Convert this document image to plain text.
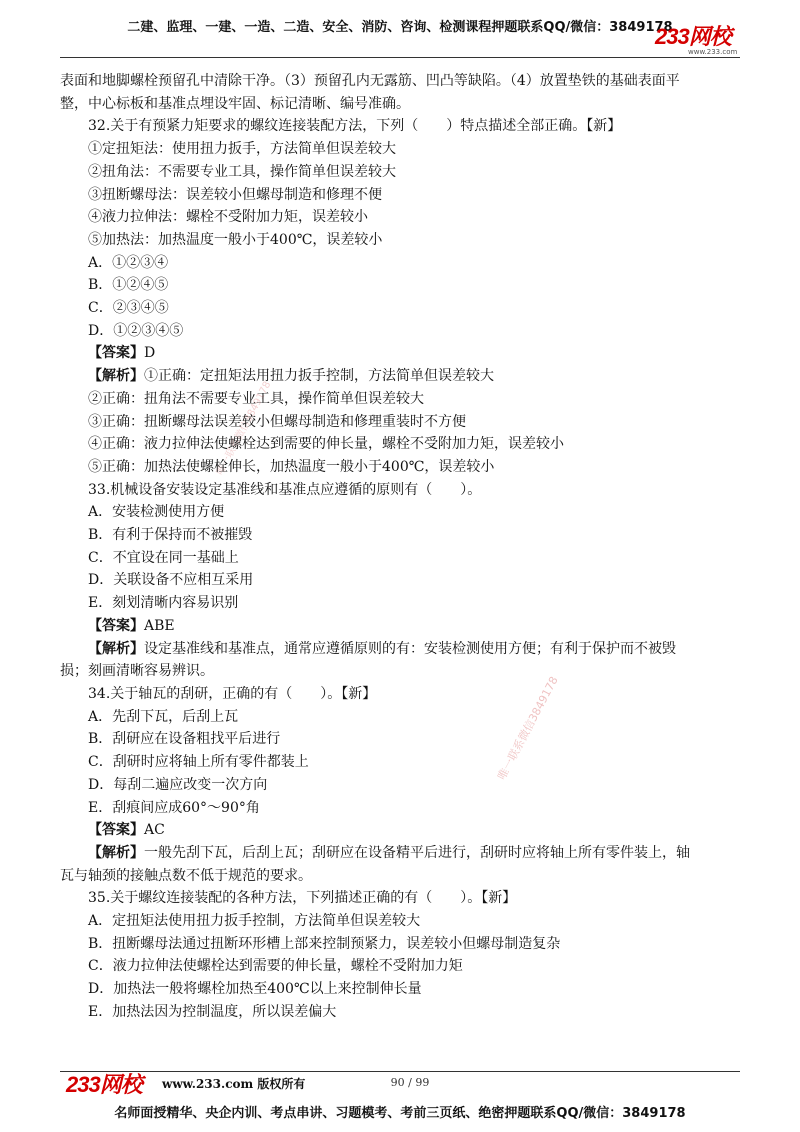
二建、监理、一建、一造、二造、安全、消防、咨询、检测课程押题联系QQ/微信：3849178
233网校
www.233.com
唯一联系微信3849178
唯一联系微信3849178

表面和地脚螺栓预留孔中清除干净。（3）预留孔内无露筋、凹凸等缺陷。（4）放置垫铁的基础表面平

整，中心标板和基准点埋设牢固、标记清晰、编号准确。

32.关于有预紧力矩要求的螺纹连接装配方法，下列（　　）特点描述全部正确。【新】

①定扭矩法：使用扭力扳手，方法简单但误差较大

②扭角法：不需要专业工具，操作简单但误差较大

③扭断螺母法：误差较小但螺母制造和修理不便

④液力拉伸法：螺栓不受附加力矩，误差较小

⑤加热法：加热温度一般小于400℃，误差较小

A．①②③④

B．①②④⑤

C．②③④⑤

D．①②③④⑤

【答案】D

【解析】①正确：定扭矩法用扭力扳手控制，方法简单但误差较大

②正确：扭角法不需要专业工具，操作简单但误差较大

③正确：扭断螺母法误差较小但螺母制造和修理重装时不方便

④正确：液力拉伸法使螺栓达到需要的伸长量，螺栓不受附加力矩，误差较小

⑤正确：加热法使螺栓伸长，加热温度一般小于400℃，误差较小

33.机械设备安装设定基准线和基准点应遵循的原则有（　　）。

A．安装检测使用方便

B．有利于保持而不被摧毁

C．不宜设在同一基础上

D．关联设备不应相互采用

E．刻划清晰内容易识别

【答案】ABE

【解析】设定基准线和基准点，通常应遵循原则的有：安装检测使用方便；有利于保护而不被毁

损；刻画清晰容易辨识。

34.关于轴瓦的刮研，正确的有（　　）。【新】

A．先刮下瓦，后刮上瓦

B．刮研应在设备粗找平后进行

C．刮研时应将轴上所有零件都装上

D．每刮二遍应改变一次方向

E．刮痕间应成60°～90°角

【答案】AC

【解析】一般先刮下瓦，后刮上瓦；刮研应在设备精平后进行，刮研时应将轴上所有零件装上，轴

瓦与轴颈的接触点数不低于规范的要求。

35.关于螺纹连接装配的各种方法，下列描述正确的有（　　）。【新】

A．定扭矩法使用扭力扳手控制，方法简单但误差较大

B．扭断螺母法通过扭断环形槽上部来控制预紧力，误差较小但螺母制造复杂

C．液力拉伸法使螺栓达到需要的伸长量，螺栓不受附加力矩

D．加热法一般将螺栓加热至400℃以上来控制伸长量

E．加热法因为控制温度，所以误差偏大

233网校 www.233.com 版权所有	90 / 99
名师面授精华、央企内训、考点串讲、习题模考、考前三页纸、绝密押题联系QQ/微信：3849178
